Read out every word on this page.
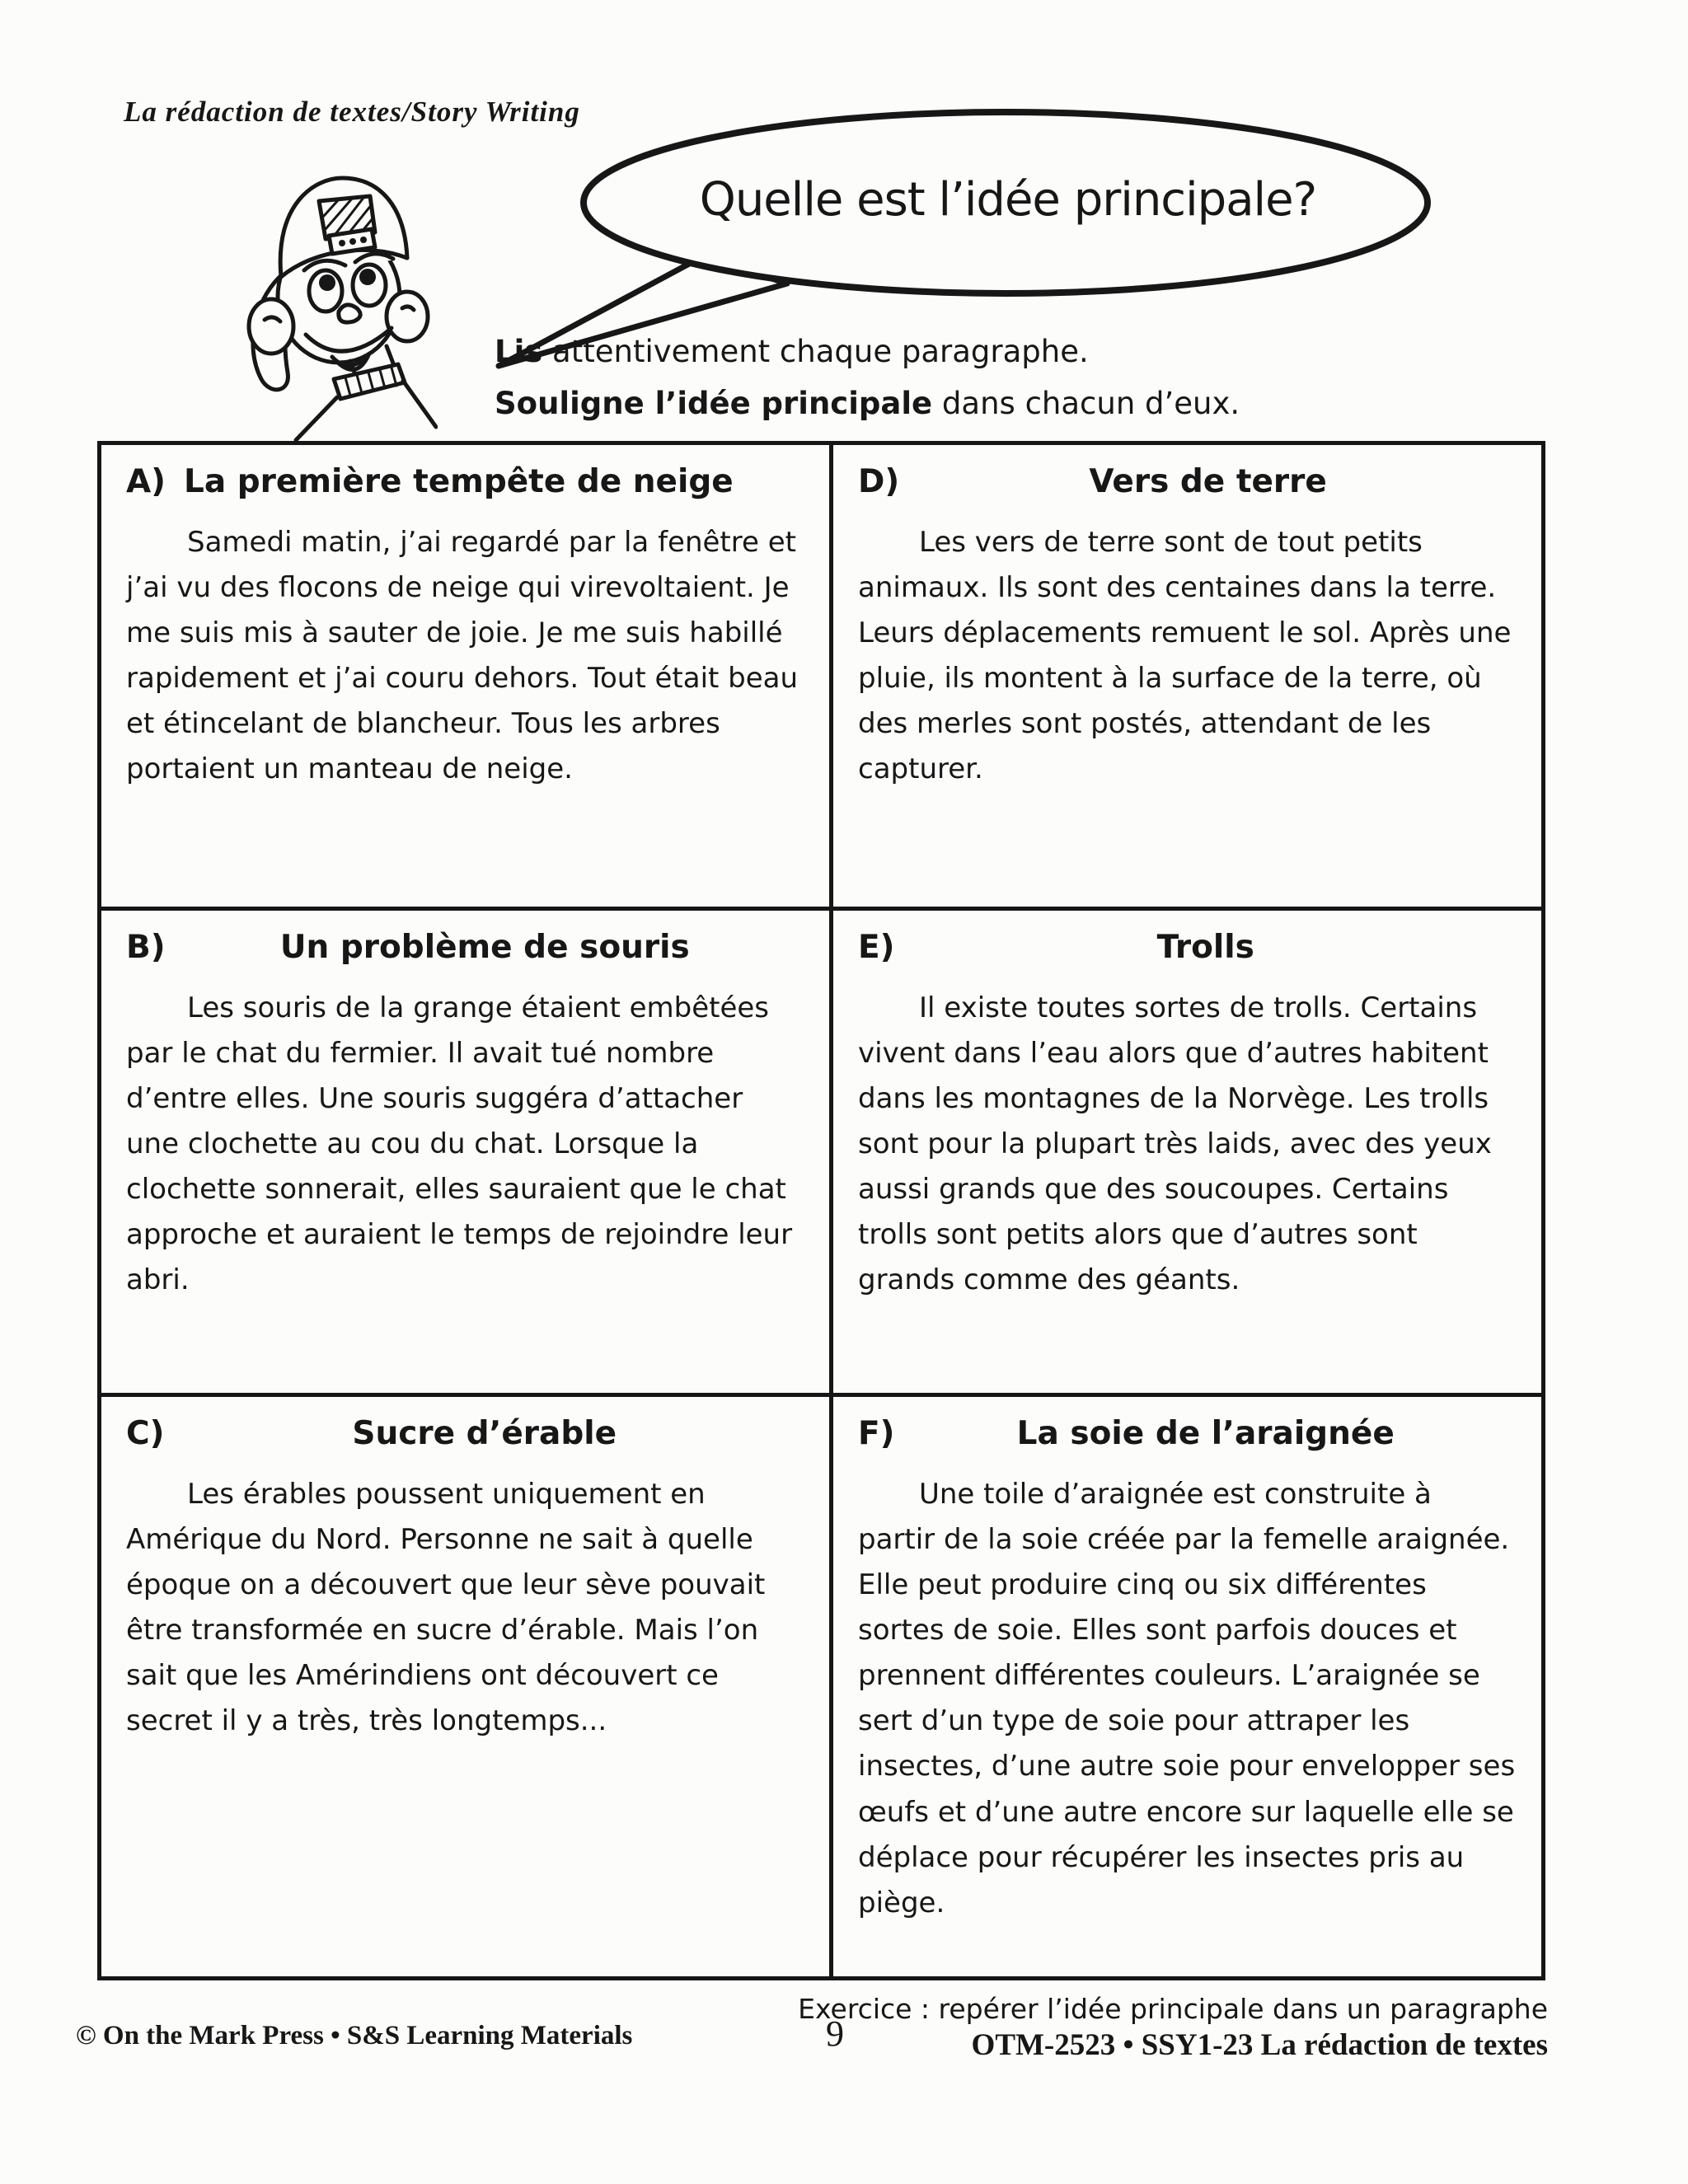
La rédaction de textes/Story Writing
Quelle est l’idée principale?
Lis attentivement chaque paragraphe.
Souligne l’idée principale dans chacun d’eux.
A) La première tempête de neige

Samedi matin, j’ai regardé par la fenêtre et j’ai vu des flocons de neige qui virevoltaient. Je me suis mis à sauter de joie. Je me suis habillé rapidement et j’ai couru dehors. Tout était beau et étincelant de blancheur. Tous les arbres portaient un manteau de neige.

D)	Vers de terre

Les vers de terre sont de tout petits animaux. Ils sont des centaines dans la terre. Leurs déplacements remuent le sol. Après une pluie, ils montent à la surface de la terre, où des merles sont postés, attendant de les capturer.

B)	Un problème de souris

Les souris de la grange étaient embêtées par le chat du fermier. Il avait tué nombre d’entre elles. Une souris suggéra d’attacher une clochette au cou du chat. Lorsque la clochette sonnerait, elles sauraient que le chat approche et auraient le temps de rejoindre leur abri.

E)	Trolls

Il existe toutes sortes de trolls. Certains vivent dans l’eau alors que d’autres habitent dans les montagnes de la Norvège. Les trolls sont pour la plupart très laids, avec des yeux aussi grands que des soucoupes. Certains trolls sont petits alors que d’autres sont grands comme des géants.

C)	Sucre d’érable

Les érables poussent uniquement en Amérique du Nord. Personne ne sait à quelle époque on a découvert que leur sève pouvait être transformée en sucre d’érable. Mais l’on sait que les Amérindiens ont découvert ce secret il y a très, très longtemps...

F)	La soie de l’araignée

Une toile d’araignée est construite à partir de la soie créée par la femelle araignée. Elle peut produire cinq ou six différentes sortes de soie. Elles sont parfois douces et prennent différentes couleurs. L’araignée se sert d’un type de soie pour attraper les insectes, d’une autre soie pour envelopper ses œufs et d’une autre encore sur laquelle elle se déplace pour récupérer les insectes pris au piège.

© On the Mark Press • S&S Learning Materials	9
Exercice : repérer l’idée principale dans un paragraphe
OTM-2523 • SSY1-23 La rédaction de textes
